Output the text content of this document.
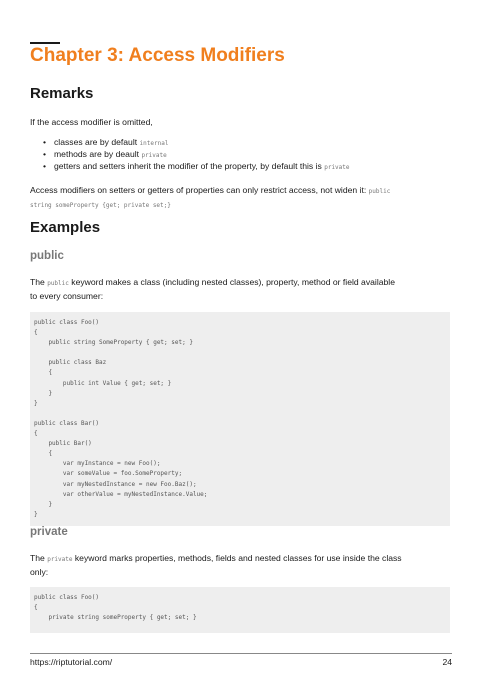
Chapter 3: Access Modifiers
Remarks
If the access modifier is omitted,
• classes are by default internal
• methods are by deault private
• getters and setters inherit the modifier of the property, by default this is private
Access modifiers on setters or getters of properties can only restrict access, not widen it: public
string someProperty {get; private set;}
Examples
public
The public keyword makes a class (including nested classes), property, method or field available
to every consumer:
public class Foo()
{
public string SomeProperty { get; set; }
public class Baz
{
public int Value { get; set; }
}
}
public class Bar()
{
public Bar()
{
var myInstance = new Foo();
var someValue = foo.SomeProperty;
var myNestedInstance = new Foo.Baz();
var otherValue = myNestedInstance.Value;
}
}
private
The private keyword marks properties, methods, fields and nested classes for use inside the class
only:
public class Foo()
{
private string someProperty { get; set; }
https://riptutorial.com/	24
